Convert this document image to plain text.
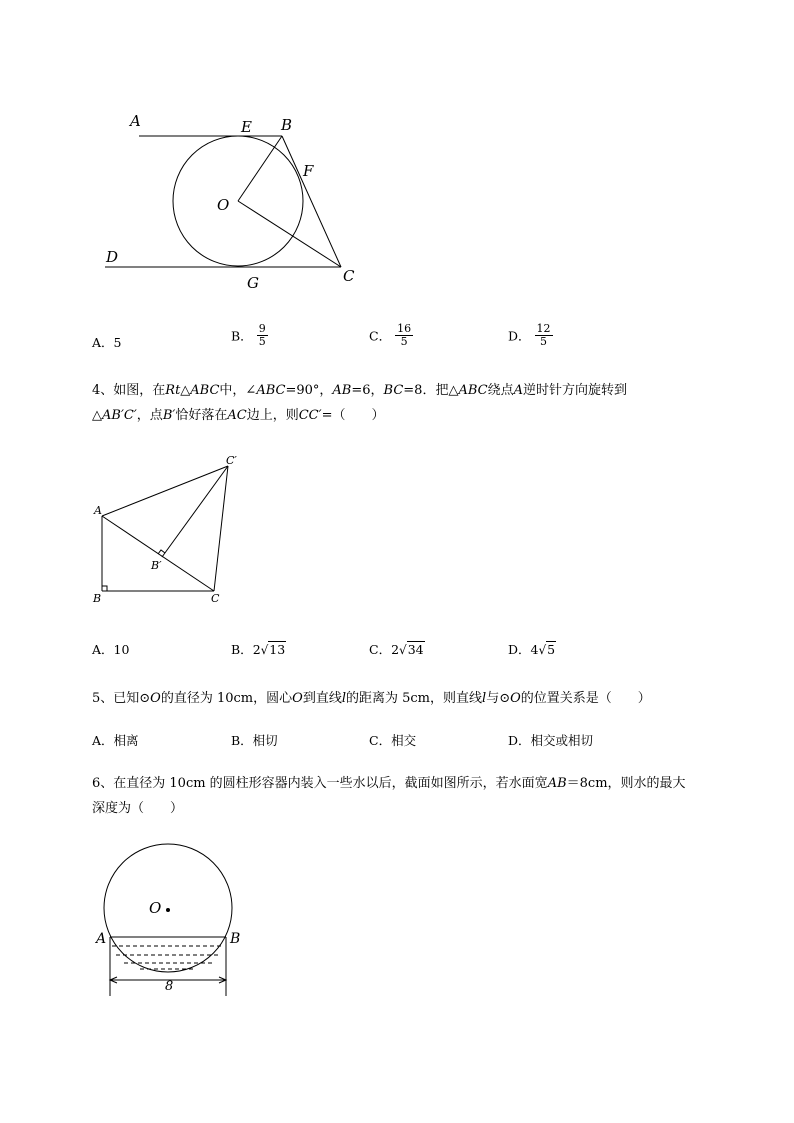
A	E B
F
O
D
G	C
A．5	B． $\frac{9}{5}$	C． $\frac{16}{5}$	D． $\frac{12}{5}$
4、如图，在Rt△ABC中，∠ABC=90°，AB=6，BC=8．把△ABC绕点A逆时针方向旋转到
△AB′C′，点B′恰好落在AC边上，则CC′=（　　）
C′
A
B′
B	C
A．10	B．2√13	C．2√34	D．4√5
5、已知⊙O的直径为 10cm，圆心O到直线l的距离为 5cm，则直线l与⊙O的位置关系是（　　）
A．相离	B．相切	C．相交	D．相交或相切
6、在直径为 10cm 的圆柱形容器内装入一些水以后，截面如图所示，若水面宽AB＝8cm，则水的最大
深度为（　　）
O
A	B
8
